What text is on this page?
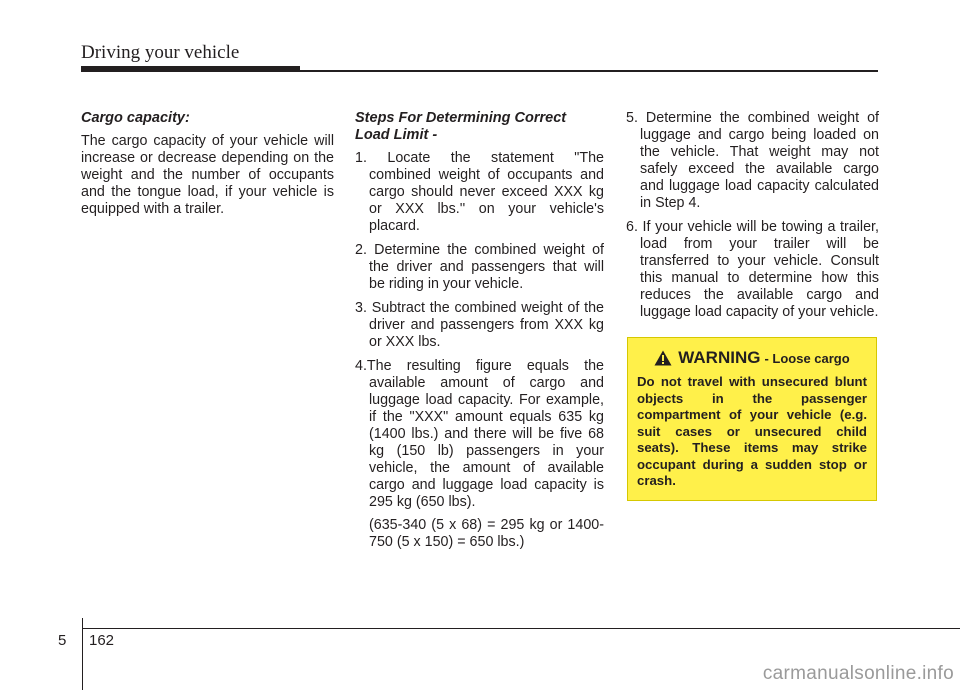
Driving your vehicle

Cargo capacity:

The cargo capacity of your vehicle will increase or decrease depending on the weight and the number of occupants and the tongue load, if your vehicle is equipped with a trailer.

Steps For Determining Correct
Load Limit -

1. Locate the statement "The combined weight of occupants and cargo should never exceed XXX kg or XXX lbs.'' on your vehicle's placard.

2. Determine the combined weight of the driver and passengers that will be riding in your vehicle.

3. Subtract the combined weight of the driver and passengers from XXX kg or XXX lbs.

4.The resulting figure equals the available amount of cargo and luggage load capacity. For example, if the "XXX" amount equals 635 kg (1400 lbs.) and there will be five 68 kg (150 lb) passengers in your vehicle, the amount of available cargo and luggage load capacity is 295 kg (650 lbs).

(635-340 (5 x 68) = 295 kg or 1400-750 (5 x 150) = 650 lbs.)

5. Determine the combined weight of luggage and cargo being loaded on the vehicle. That weight may not safely exceed the available cargo and luggage load capacity calculated in Step 4.

6. If your vehicle will be towing a trailer, load from your trailer will be transferred to your vehicle. Consult this manual to determine how this reduces the available cargo and luggage load capacity of your vehicle.

WARNING - Loose cargo

Do not travel with unsecured blunt objects in the passenger compartment of your vehicle (e.g. suit cases or unsecured child seats). These items may strike occupant during a sudden stop or crash.

5 162
carmanualsonline.info
